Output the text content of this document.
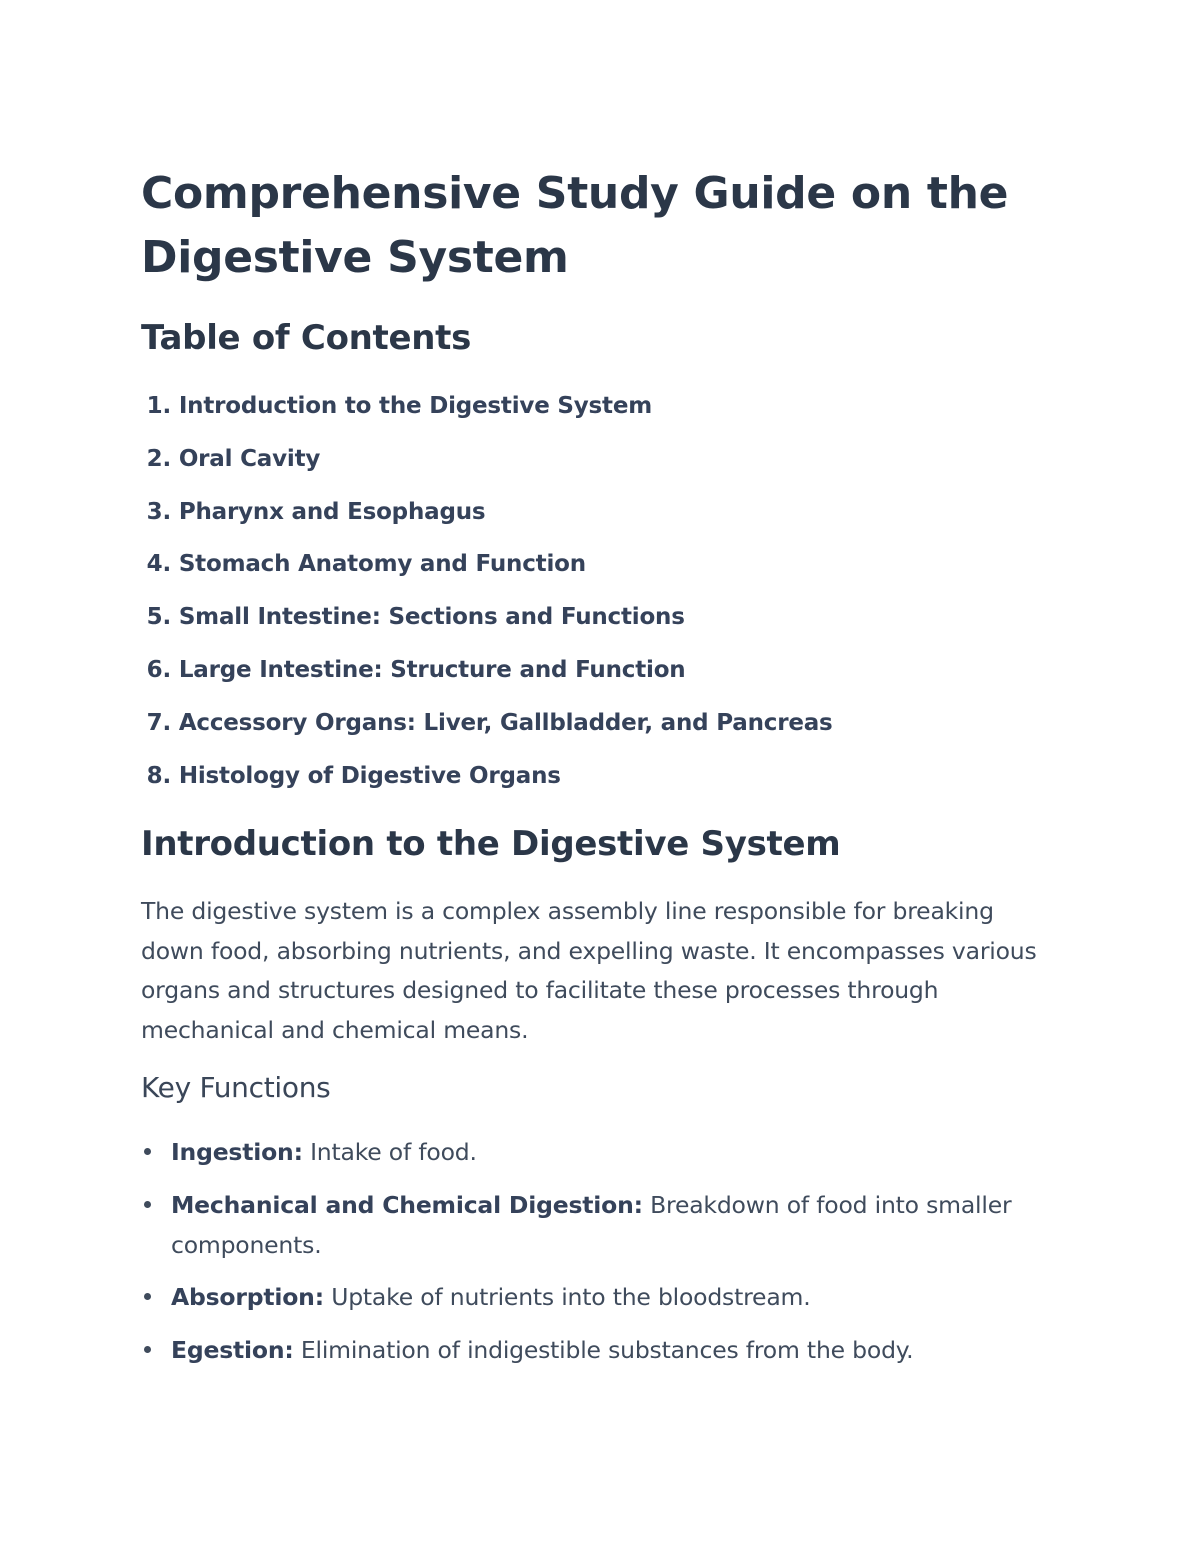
Comprehensive Study Guide on the
Digestive System
Table of Contents
1. Introduction to the Digestive System
2. Oral Cavity
3. Pharynx and Esophagus
4. Stomach Anatomy and Function
5. Small Intestine: Sections and Functions
6. Large Intestine: Structure and Function
7. Accessory Organs: Liver, Gallbladder, and Pancreas
8. Histology of Digestive Organs
Introduction to the Digestive System

The digestive system is a complex assembly line responsible for breaking down food, absorbing nutrients, and expelling waste. It encompasses various organs and structures designed to facilitate these processes through mechanical and chemical means.

Key Functions
Ingestion: Intake of food.
Mechanical and Chemical Digestion: Breakdown of food into smaller components.
Absorption: Uptake of nutrients into the bloodstream.
Egestion: Elimination of indigestible substances from the body.
